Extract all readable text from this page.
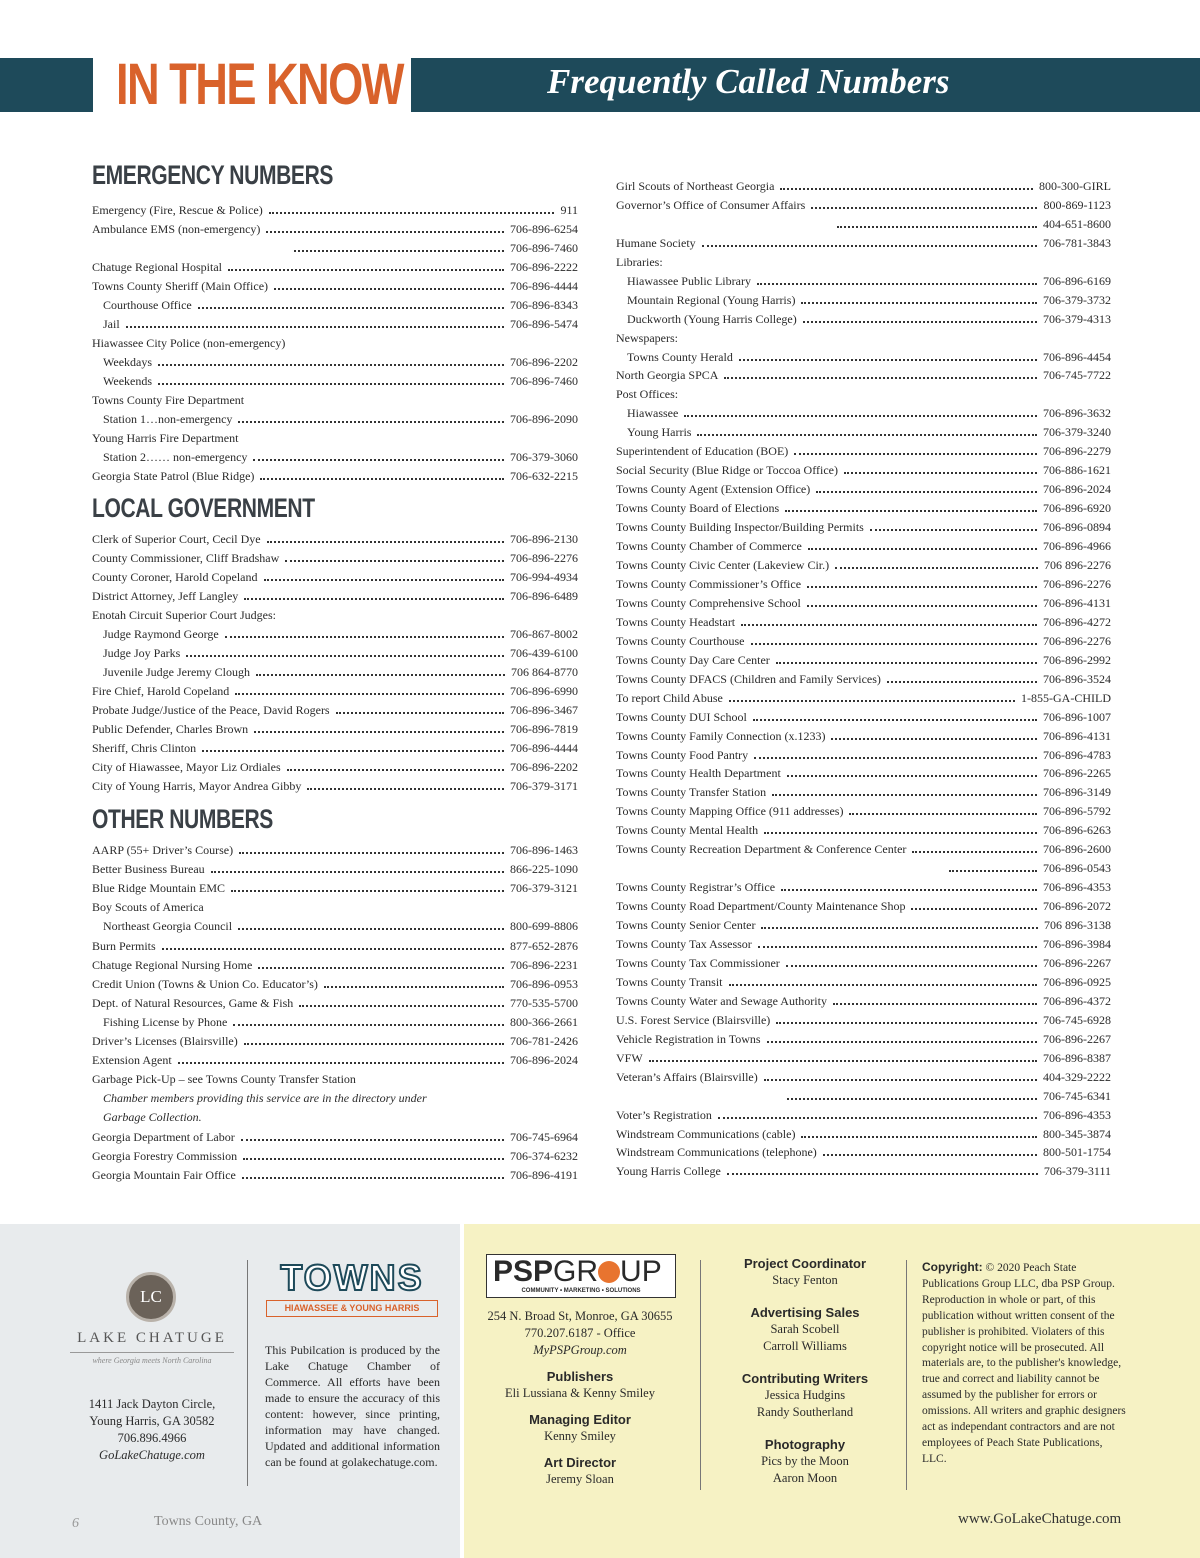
IN THE KNOW	Frequently Called Numbers
EMERGENCY NUMBERS
LOCAL GOVERNMENT
OTHER NUMBERS
Emergency (Fire, Rescue & Police)	911
Ambulance EMS (non-emergency)	706-896-6254
706-896-7460
Chatuge Regional Hospital	706-896-2222
Towns County Sheriff (Main Office)	706-896-4444
Courthouse Office	706-896-8343
Jail	706-896-5474
Hiawassee City Police (non-emergency)
Weekdays	706-896-2202
Weekends	706-896-7460
Towns County Fire Department
Station 1…non-emergency	706-896-2090
Young Harris Fire Department
Station 2…… non-emergency	706-379-3060
Georgia State Patrol (Blue Ridge)	706-632-2215
Clerk of Superior Court, Cecil Dye	706-896-2130
County Commissioner, Cliff Bradshaw	706-896-2276
County Coroner, Harold Copeland	706-994-4934
District Attorney, Jeff Langley	706-896-6489
Enotah Circuit Superior Court Judges:
Judge Raymond George	706-867-8002
Judge Joy Parks	706-439-6100
Juvenile Judge Jeremy Clough	706 864-8770
Fire Chief, Harold Copeland	706-896-6990
Probate Judge/Justice of the Peace, David Rogers	706-896-3467
Public Defender, Charles Brown	706-896-7819
Sheriff, Chris Clinton	706-896-4444
City of Hiawassee, Mayor Liz Ordiales	706-896-2202
City of Young Harris, Mayor Andrea Gibby	706-379-3171
AARP (55+ Driver’s Course)	706-896-1463
Better Business Bureau	866-225-1090
Blue Ridge Mountain EMC	706-379-3121
Boy Scouts of America
Northeast Georgia Council	800-699-8806
Burn Permits	877-652-2876
Chatuge Regional Nursing Home	706-896-2231
Credit Union (Towns & Union Co. Educator’s)	706-896-0953
Dept. of Natural Resources, Game & Fish	770-535-5700
Fishing License by Phone	800-366-2661
Driver’s Licenses (Blairsville)	706-781-2426
Extension Agent	706-896-2024
Garbage Pick-Up – see Towns County Transfer Station
Chamber members providing this service are in the directory under
Garbage Collection.
Georgia Department of Labor	706-745-6964
Georgia Forestry Commission	706-374-6232
Georgia Mountain Fair Office	706-896-4191
Girl Scouts of Northeast Georgia	800-300-GIRL
Governor’s Office of Consumer Affairs	800-869-1123
404-651-8600
Humane Society	706-781-3843
Libraries:
Hiawassee Public Library	706-896-6169
Mountain Regional (Young Harris)	706-379-3732
Duckworth (Young Harris College)	706-379-4313
Newspapers:
Towns County Herald	706-896-4454
North Georgia SPCA	706-745-7722
Post Offices:
Hiawassee	706-896-3632
Young Harris	706-379-3240
Superintendent of Education (BOE)	706-896-2279
Social Security (Blue Ridge or Toccoa Office)	706-886-1621
Towns County Agent (Extension Office)	706-896-2024
Towns County Board of Elections	706-896-6920
Towns County Building Inspector/Building Permits	706-896-0894
Towns County Chamber of Commerce	706-896-4966
Towns County Civic Center (Lakeview Cir.)	706 896-2276
Towns County Commissioner’s Office	706-896-2276
Towns County Comprehensive School	706-896-4131
Towns County Headstart	706-896-4272
Towns County Courthouse	706-896-2276
Towns County Day Care Center	706-896-2992
Towns County DFACS (Children and Family Services)	706-896-3524
To report Child Abuse	1-855-GA-CHILD
Towns County DUI School	706-896-1007
Towns County Family Connection (x.1233)	706-896-4131
Towns County Food Pantry	706-896-4783
Towns County Health Department	706-896-2265
Towns County Transfer Station	706-896-3149
Towns County Mapping Office (911 addresses)	706-896-5792
Towns County Mental Health	706-896-6263
Towns County Recreation Department & Conference Center	706-896-2600
706-896-0543
Towns County Registrar’s Office	706-896-4353
Towns County Road Department/County Maintenance Shop	706-896-2072
Towns County Senior Center	706 896-3138
Towns County Tax Assessor	706-896-3984
Towns County Tax Commissioner	706-896-2267
Towns County Transit	706-896-0925
Towns County Water and Sewage Authority	706-896-4372
U.S. Forest Service (Blairsville)	706-745-6928
Vehicle Registration in Towns	706-896-2267
VFW	706-896-8387
Veteran’s Affairs (Blairsville)	404-329-2222
706-745-6341
Voter’s Registration	706-896-4353
Windstream Communications (cable)	800-345-3874
Windstream Communications (telephone)	800-501-1754
Young Harris College	706-379-3111
LC
LAKE CHATUGE
where Georgia meets North Carolina
1411 Jack Dayton Circle,
Young Harris, GA 30582
706.896.4966
GoLakeChatuge.com
TOWNS
HIAWASSEE & YOUNG HARRIS
This Pubilcation is produced by the Lake Chatuge Chamber of Commerce. All efforts have been made to ensure the accuracy of this content: however, since printing, information may have changed. Updated and additional information can be found at golakechatuge.com.
6	Towns County, GA
PSPGR UP
COMMUNITY • MARKETING • SOLUTIONS
254 N. Broad St, Monroe, GA 30655
770.207.6187 - Office
MyPSPGroup.com
Publishers
Eli Lussiana & Kenny Smiley
Managing Editor
Kenny Smiley
Art Director
Jeremy Sloan
Project Coordinator
Stacy Fenton
Advertising Sales
Sarah Scobell
Carroll Williams
Contributing Writers
Jessica Hudgins
Randy Southerland
Photography
Pics by the Moon
Aaron Moon
Copyright: © 2020 Peach State Publications Group LLC, dba PSP Group. Reproduction in whole or part, of this publication without written consent of the publisher is prohibited. Violaters of this copyright notice will be prosecuted. All materials are, to the publisher's knowledge, true and correct and liability cannot be assumed by the publisher for errors or omissions. All writers and graphic designers act as independant contractors and are not employees of Peach State Publications, LLC.
www.GoLakeChatuge.com
